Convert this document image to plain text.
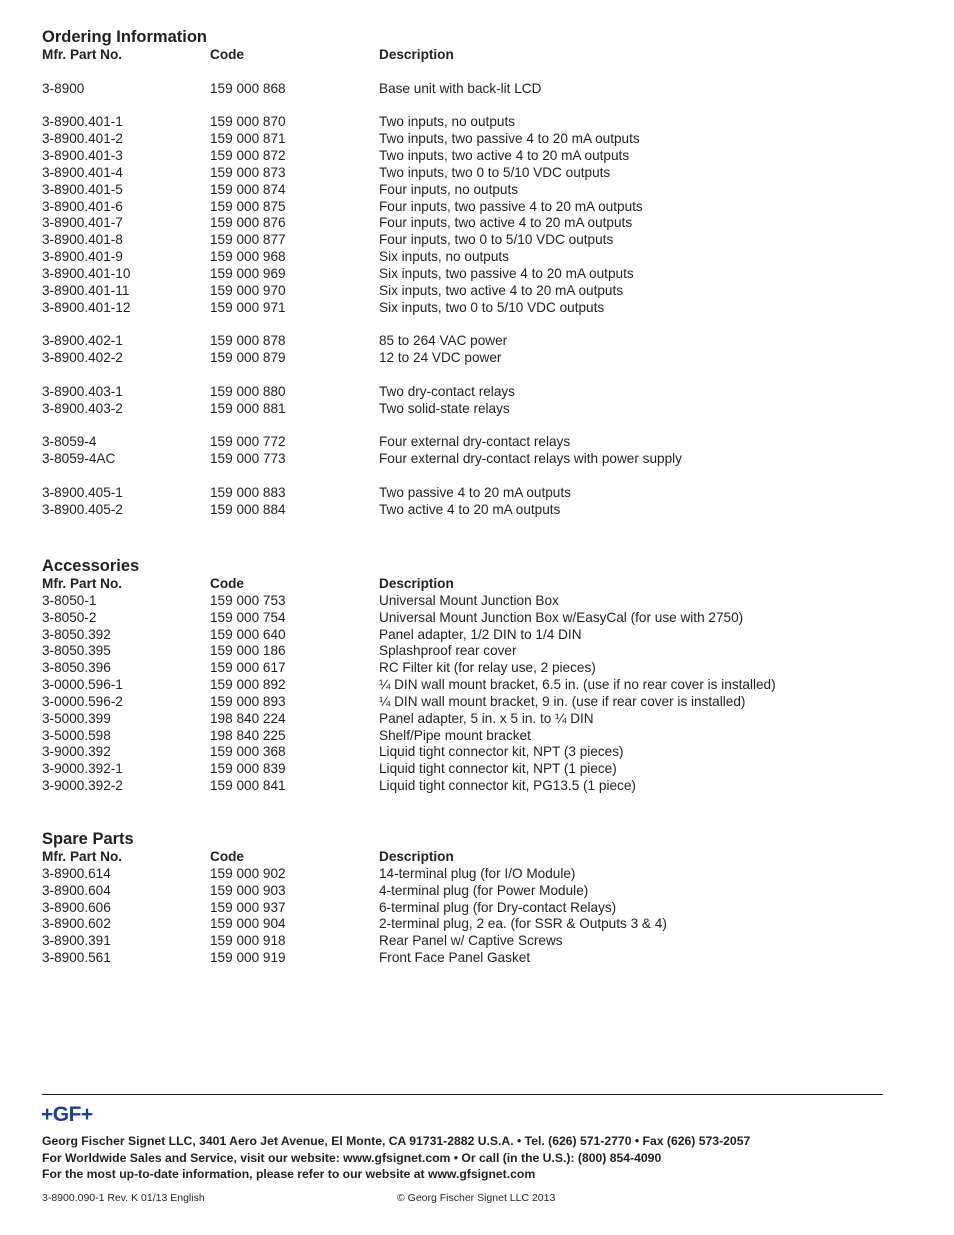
Ordering Information
Mfr. Part No.	Code	Description
3-8900	159 000 868	Base unit with back-lit LCD
3-8900.401-1	159 000 870	Two inputs, no outputs
3-8900.401-2	159 000 871	Two inputs, two passive 4 to 20 mA outputs
3-8900.401-3	159 000 872	Two inputs, two active 4 to 20 mA outputs
3-8900.401-4	159 000 873	Two inputs, two 0 to 5/10 VDC outputs
3-8900.401-5	159 000 874	Four inputs, no outputs
3-8900.401-6	159 000 875	Four inputs, two passive 4 to 20 mA outputs
3-8900.401-7	159 000 876	Four inputs, two active 4 to 20 mA outputs
3-8900.401-8	159 000 877	Four inputs, two 0 to 5/10 VDC outputs
3-8900.401-9	159 000 968	Six inputs, no outputs
3-8900.401-10	159 000 969	Six inputs, two passive 4 to 20 mA outputs
3-8900.401-11	159 000 970	Six inputs, two active 4 to 20 mA outputs
3-8900.401-12	159 000 971	Six inputs, two 0 to 5/10 VDC outputs
3-8900.402-1	159 000 878	85 to 264 VAC power
3-8900.402-2	159 000 879	12 to 24 VDC power
3-8900.403-1	159 000 880	Two dry-contact relays
3-8900.403-2	159 000 881	Two solid-state relays
3-8059-4	159 000 772	Four external dry-contact relays
3-8059-4AC	159 000 773	Four external dry-contact relays with power supply
3-8900.405-1	159 000 883	Two passive 4 to 20 mA outputs
3-8900.405-2	159 000 884	Two active 4 to 20 mA outputs
Accessories
Mfr. Part No.	Code	Description
3-8050-1	159 000 753	Universal Mount Junction Box
3-8050-2	159 000 754	Universal Mount Junction Box w/EasyCal (for use with 2750)
3-8050.392	159 000 640	Panel adapter, 1/2 DIN to 1/4 DIN
3-8050.395	159 000 186	Splashproof rear cover
3-8050.396	159 000 617	RC Filter kit (for relay use, 2 pieces)
3-0000.596-1	159 000 892	¼ DIN wall mount bracket, 6.5 in. (use if no rear cover is installed)
3-0000.596-2	159 000 893	¼ DIN wall mount bracket, 9 in. (use if rear cover is installed)
3-5000.399	198 840 224	Panel adapter, 5 in. x 5 in. to ¼ DIN
3-5000.598	198 840 225	Shelf/Pipe mount bracket
3-9000.392	159 000 368	Liquid tight connector kit, NPT (3 pieces)
3-9000.392-1	159 000 839	Liquid tight connector kit, NPT (1 piece)
3-9000.392-2	159 000 841	Liquid tight connector kit, PG13.5 (1 piece)
Spare Parts
Mfr. Part No.	Code	Description
3-8900.614	159 000 902	14-terminal plug (for I/O Module)
3-8900.604	159 000 903	4-terminal plug (for Power Module)
3-8900.606	159 000 937	6-terminal plug (for Dry-contact Relays)
3-8900.602	159 000 904	2-terminal plug, 2 ea. (for SSR & Outputs 3 & 4)
3-8900.391	159 000 918	Rear Panel w/ Captive Screws
3-8900.561	159 000 919	Front Face Panel Gasket
+GF+
Georg Fischer Signet LLC, 3401 Aero Jet Avenue, El Monte, CA 91731-2882 U.S.A. • Tel. (626) 571-2770 • Fax (626) 573-2057
For Worldwide Sales and Service, visit our website: www.gfsignet.com • Or call (in the U.S.): (800) 854-4090
For the most up-to-date information, please refer to our website at www.gfsignet.com
3-8900.090-1 Rev. K 01/13 English	© Georg Fischer Signet LLC 2013
